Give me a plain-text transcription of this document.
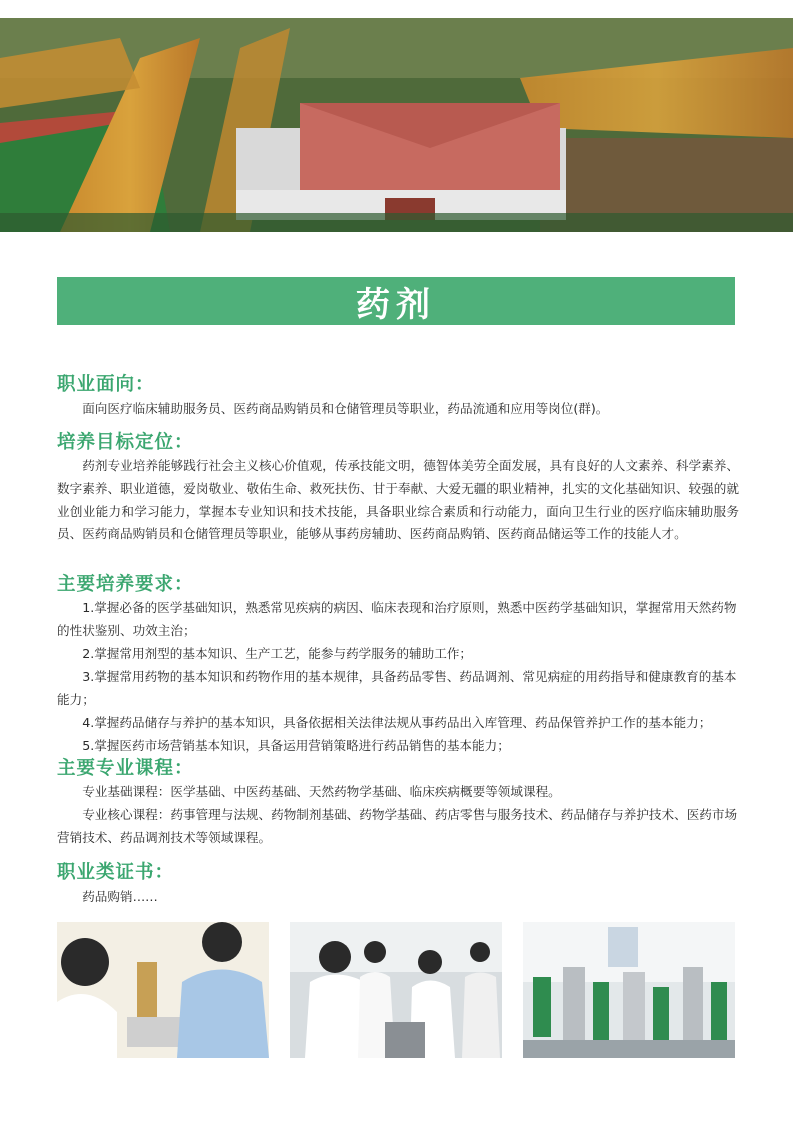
药剂
职业面向：

面向医疗临床辅助服务员、医药商品购销员和仓储管理员等职业，药品流通和应用等岗位(群)。

培养目标定位：

药剂专业培养能够践行社会主义核心价值观，传承技能文明，德智体美劳全面发展，具有良好的人文素养、科学素养、数字素养、职业道德，爱岗敬业、敬佑生命、救死扶伤、甘于奉献、大爱无疆的职业精神，扎实的文化基础知识、较强的就业创业能力和学习能力，掌握本专业知识和技术技能，具备职业综合素质和行动能力，面向卫生行业的医疗临床辅助服务员、医药商品购销员和仓储管理员等职业，能够从事药房辅助、医药商品购销、医药商品储运等工作的技能人才。

主要培养要求：

1.掌握必备的医学基础知识，熟悉常见疾病的病因、临床表现和治疗原则，熟悉中医药学基础知识，掌握常用天然药物的性状鉴别、功效主治；

2.掌握常用剂型的基本知识、生产工艺，能参与药学服务的辅助工作；

3.掌握常用药物的基本知识和药物作用的基本规律，具备药品零售、药品调剂、常见病症的用药指导和健康教育的基本能力；

4.掌握药品储存与养护的基本知识，具备依据相关法律法规从事药品出入库管理、药品保管养护工作的基本能力；

5.掌握医药市场营销基本知识，具备运用营销策略进行药品销售的基本能力；

主要专业课程：

专业基础课程：医学基础、中医药基础、天然药物学基础、临床疾病概要等领域课程。

专业核心课程：药事管理与法规、药物制剂基础、药物学基础、药店零售与服务技术、药品储存与养护技术、医药市场营销技术、药品调剂技术等领域课程。

职业类证书：

药品购销……
